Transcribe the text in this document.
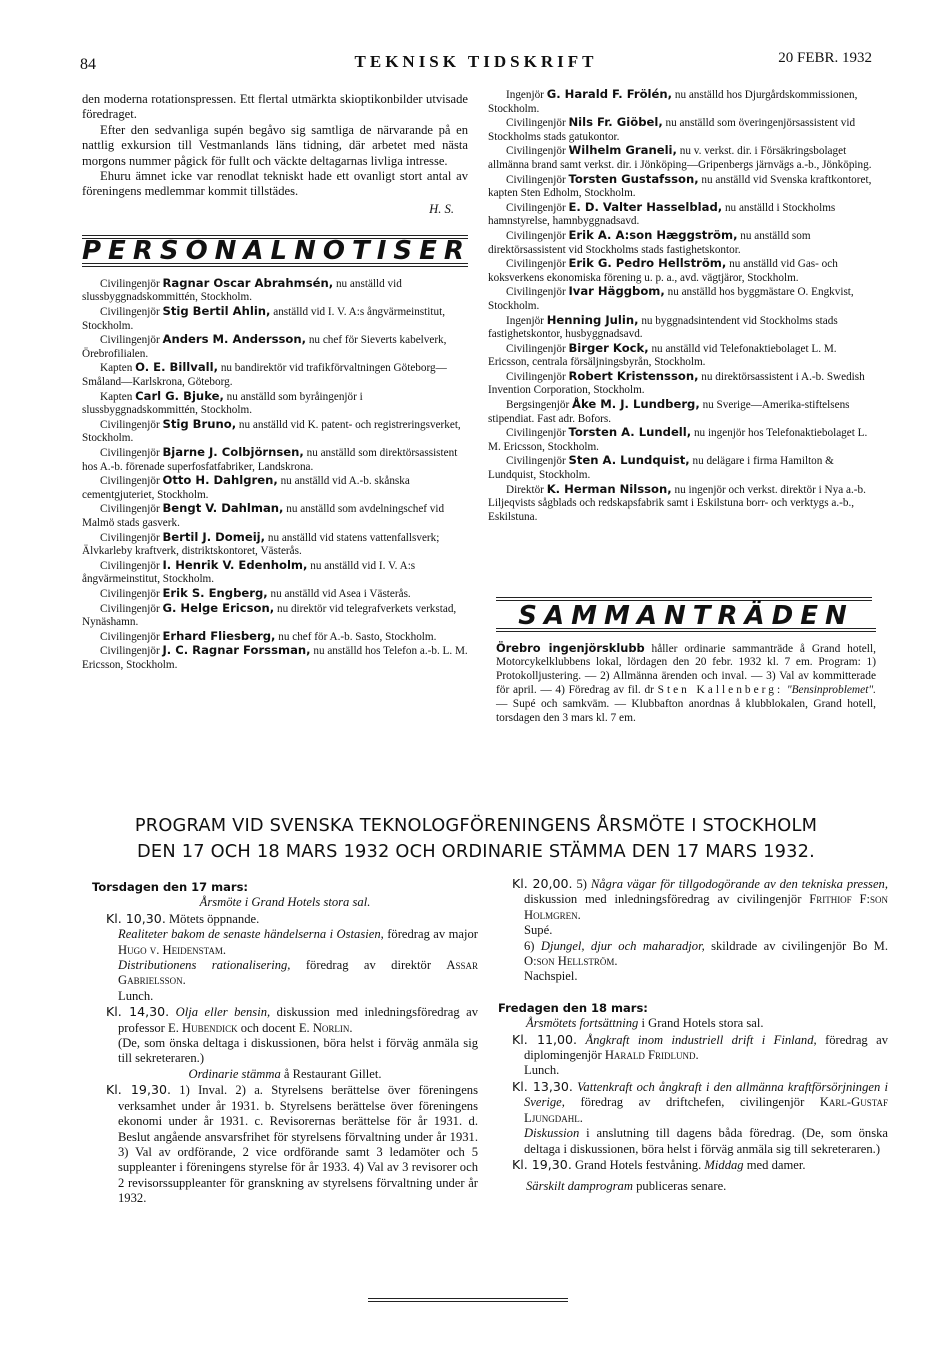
84	TEKNISK TIDSKRIFT	20 FEBR. 1932

den moderna rotationspressen. Ett flertal utmärkta skioptikonbilder utvisade föredraget.

Efter den sedvanliga supén begåvo sig samtliga de närvarande på en nattlig exkursion till Vestmanlands läns tidning, där arbetet med nästa morgons nummer pågick för fullt och väckte deltagarnas livliga intresse.

Ehuru ämnet icke var renodlat tekniskt hade ett ovanligt stort antal av föreningens medlemmar kommit tillstädes.

H. S.

PERSONALNOTISER

Civilingenjör Ragnar Oscar Abrahmsén, nu anställd vid slussbyggnadskommittén, Stockholm.

Civilingenjör Stig Bertil Ahlin, anställd vid I. V. A:s ångvärmeinstitut, Stockholm.

Civilingenjör Anders M. Andersson, nu chef för Sieverts kabelverk, Örebrofilialen.

Kapten O. E. Billvall, nu bandirektör vid trafikförvaltningen Göteborg—Småland—Karlskrona, Göteborg.

Kapten Carl G. Bjuke, nu anställd som byråingenjör i slussbyggnadskommittén, Stockholm.

Civilingenjör Stig Bruno, nu anställd vid K. patent- och registreringsverket, Stockholm.

Civilingenjör Bjarne J. Colbjörnsen, nu anställd som direktörsassistent hos A.-b. förenade superfosfatfabriker, Landskrona.

Civilingenjör Otto H. Dahlgren, nu anställd vid A.-b. skånska cementgjuteriet, Stockholm.

Civilingenjör Bengt V. Dahlman, nu anställd som avdelningschef vid Malmö stads gasverk.

Civilingenjör Bertil J. Domeij, nu anställd vid statens vattenfallsverk; Älvkarleby kraftverk, distriktskontoret, Västerås.

Civilingenjör I. Henrik V. Edenholm, nu anställd vid I. V. A:s ångvärmeinstitut, Stockholm.

Civilingenjör Erik S. Engberg, nu anställd vid Asea i Västerås.

Civilingenjör G. Helge Ericson, nu direktör vid telegrafverkets verkstad, Nynäshamn.

Civilingenjör Erhard Fliesberg, nu chef för A.-b. Sasto, Stockholm.

Civilingenjör J. C. Ragnar Forssman, nu anställd hos Telefon a.-b. L. M. Ericsson, Stockholm.

Ingenjör G. Harald F. Frölén, nu anställd hos Djurgårdskommissionen, Stockholm.

Civilingenjör Nils Fr. Giöbel, nu anställd som överingenjörsassistent vid Stockholms stads gatukontor.

Civilingenjör Wilhelm Graneli, nu v. verkst. dir. i Försäkringsbolaget allmänna brand samt verkst. dir. i Jönköping—Gripenbergs järnvägs a.-b., Jönköping.

Civilingenjör Torsten Gustafsson, nu anställd vid Svenska kraftkontoret, kapten Sten Edholm, Stockholm.

Civilingenjör E. D. Valter Hasselblad, nu anställd i Stockholms hamnstyrelse, hamnbyggnadsavd.

Civilingenjör Erik A. A:son Hæggström, nu anställd som direktörsassistent vid Stockholms stads fastighetskontor.

Civilingenjör Erik G. Pedro Hellström, nu anställd vid Gas- och koksverkens ekonomiska förening u. p. a., avd. vägtjäror, Stockholm.

Civilingenjör Ivar Häggbom, nu anställd hos byggmästare O. Engkvist, Stockholm.

Ingenjör Henning Julin, nu byggnadsintendent vid Stockholms stads fastighetskontor, husbyggnadsavd.

Civilingenjör Birger Kock, nu anställd vid Telefonaktiebolaget L. M. Ericsson, centrala försäljningsbyrån, Stockholm.

Civilingenjör Robert Kristensson, nu direktörsassistent i A.-b. Swedish Invention Corporation, Stockholm.

Bergsingenjör Åke M. J. Lundberg, nu Sverige—Amerika-stiftelsens stipendiat. Fast adr. Bofors.

Civilingenjör Torsten A. Lundell, nu ingenjör hos Telefonaktiebolaget L. M. Ericsson, Stockholm.

Civilingenjör Sten A. Lundquist, nu delägare i firma Hamilton & Lundquist, Stockholm.

Direktör K. Herman Nilsson, nu ingenjör och verkst. direktör i Nya a.-b. Liljeqvists sågblads och redskapsfabrik samt i Eskilstuna borr- och verktygs a.-b., Eskilstuna.

SAMMANTRÄDEN

Örebro ingenjörsklubb håller ordinarie sammanträde å Grand hotell, Motorcykelklubbens lokal, lördagen den 20 febr. 1932 kl. 7 em. Program: 1) Protokolljustering. — 2) Allmänna ärenden och inval. — 3) Val av kommitterade för april. — 4) Föredrag av fil. dr Sten Kallenberg: "Bensinproblemet". — Supé och samkväm. — Klubbafton anordnas å klubblokalen, Grand hotell, torsdagen den 3 mars kl. 7 em.

PROGRAM VID SVENSKA TEKNOLOGFÖRENINGENS ÅRSMÖTE I STOCKHOLM
DEN 17 OCH 18 MARS 1932 OCH ORDINARIE STÄMMA DEN 17 MARS 1932.

Torsdagen den 17 mars:

Årsmöte i Grand Hotels stora sal.

Kl. 10,30. Mötets öppnande.
Realiteter bakom de senaste händelserna i Ostasien, föredrag av major Hugo v. Heidenstam.
Distributionens rationalisering, föredrag av direktör Assar Gabrielsson.
Lunch.

Kl. 14,30. Olja eller bensin, diskussion med inledningsföredrag av professor E. Hubendick och docent E. Norlin.
(De, som önska deltaga i diskussionen, böra helst i förväg anmäla sig till sekreteraren.)

Ordinarie stämma å Restaurant Gillet.

Kl. 19,30. 1) Inval. 2) a. Styrelsens berättelse över föreningens verksamhet under år 1931. b. Styrelsens berättelse över föreningens ekonomi under år 1931. c. Revisorernas berättelse för år 1931. d. Beslut angående ansvarsfrihet för styrelsens förvaltning under år 1931. 3) Val av ordförande, 2 vice ordförande samt 3 ledamöter och 5 suppleanter i föreningens styrelse för år 1933. 4) Val av 3 revisorer och 2 revisorssuppleanter för granskning av styrelsens förvaltning under år 1932.

Kl. 20,00. 5) Några vägar för tillgodogörande av den tekniska pressen, diskussion med inledningsföredrag av civilingenjör Frithiof F:son Holmgren.
Supé.
6) Djungel, djur och maharadjor, skildrade av civilingenjör Bo M. O:son Hellström.
Nachspiel.

Fredagen den 18 mars:

Årsmötets fortsättning i Grand Hotels stora sal.

Kl. 11,00. Ångkraft inom industriell drift i Finland, föredrag av diplomingenjör Harald Fridlund.
Lunch.

Kl. 13,30. Vattenkraft och ångkraft i den allmänna kraftförsörjningen i Sverige, föredrag av driftchefen, civilingenjör Karl-Gustaf Ljungdahl.
Diskussion i anslutning till dagens båda föredrag. (De, som önska deltaga i diskussionen, böra helst i förväg anmäla sig till sekreteraren.)

Kl. 19,30. Grand Hotels festvåning. Middag med damer.

Särskilt damprogram publiceras senare.
